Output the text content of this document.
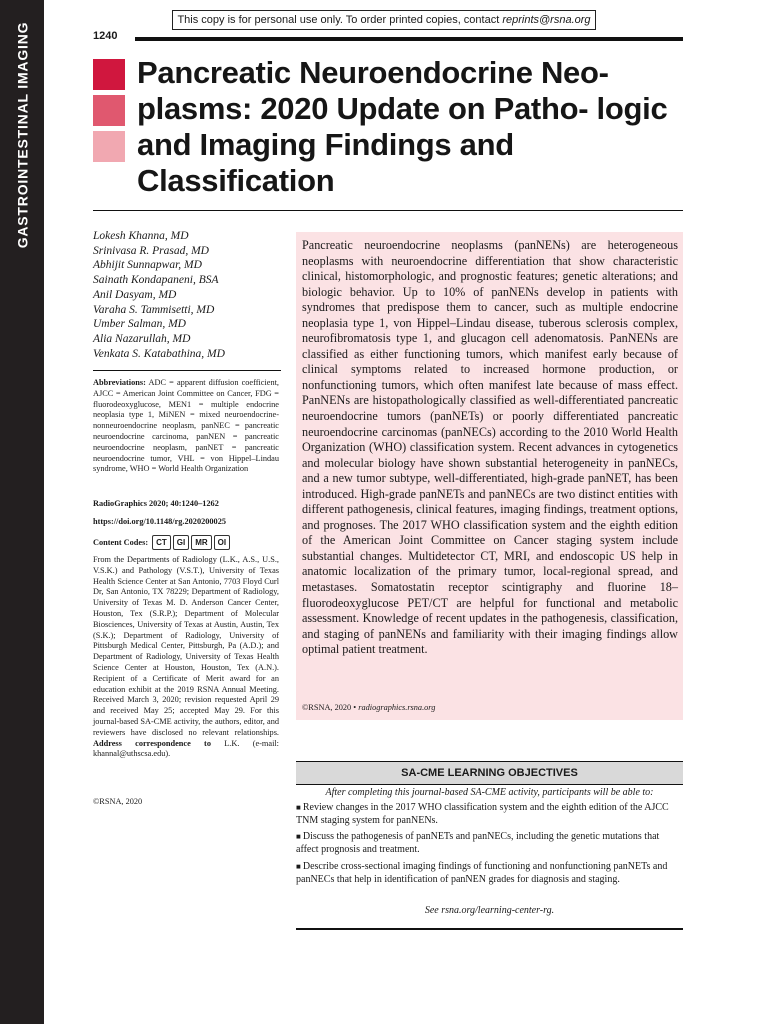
GASTROINTESTINAL IMAGING
This copy is for personal use only. To order printed copies, contact reprints@rsna.org
1240
Pancreatic Neuroendocrine Neo- plasms: 2020 Update on Patho- logic and Imaging Findings and Classification
Lokesh Khanna, MD
Srinivasa R. Prasad, MD
Abhijit Sunnapwar, MD
Sainath Kondapaneni, BSA
Anil Dasyam, MD
Varaha S. Tammisetti, MD
Umber Salman, MD
Alia Nazarullah, MD
Venkata S. Katabathina, MD
Abbreviations: ADC = apparent diffusion coefficient, AJCC = American Joint Committee on Cancer, FDG = fluorodeoxyglucose, MEN1 = multiple endocrine neoplasia type 1, MiNEN = mixed neuroendocrine-nonneuroendocrine neoplasm, panNEC = pancreatic neuroendocrine carcinoma, panNEN = pancreatic neuroendocrine neoplasm, panNET = pancreatic neuroendocrine tumor, VHL = von Hippel–Lindau syndrome, WHO = World Health Organization
RadioGraphics 2020; 40:1240–1262
https://doi.org/10.1148/rg.2020200025
Content Codes:	CT	GI	MR	OI
From the Departments of Radiology (L.K., A.S., U.S., V.S.K.) and Pathology (V.S.T.), University of Texas Health Science Center at San Antonio, 7703 Floyd Curl Dr, San Antonio, TX 78229; Department of Radiology, University of Texas M. D. Anderson Cancer Center, Houston, Tex (S.R.P.); Department of Molecular Biosciences, University of Texas at Austin, Austin, Tex (S.K.); Department of Radiology, University of Pittsburgh Medical Center, Pittsburgh, Pa (A.D.); and Department of Radiology, University of Texas Health Science Center at Houston, Houston, Tex (A.N.). Recipient of a Certificate of Merit award for an education exhibit at the 2019 RSNA Annual Meeting. Received March 3, 2020; revision requested April 29 and received May 25; accepted May 29. For this journal-based SA-CME activity, the authors, editor, and reviewers have disclosed no relevant relationships. Address correspondence to L.K. (e-mail: khannal@uthscsa.edu).
©RSNA, 2020
Pancreatic neuroendocrine neoplasms (panNENs) are heterogeneous neoplasms with neuroendocrine differentiation that show characteristic clinical, histomorphologic, and prognostic features; genetic alterations; and biologic behavior. Up to 10% of panNENs develop in patients with syndromes that predispose them to cancer, such as multiple endocrine neoplasia type 1, von Hippel–Lindau disease, tuberous sclerosis complex, neurofibromatosis type 1, and glucagon cell adenomatosis. PanNENs are classified as either functioning tumors, which manifest early because of clinical symptoms related to increased hormone production, or nonfunctioning tumors, which often manifest late because of mass effect. PanNENs are histopathologically classified as well-differentiated pancreatic neuroendocrine tumors (panNETs) or poorly differentiated pancreatic neuroendocrine carcinomas (panNECs) according to the 2010 World Health Organization (WHO) classification system. Recent advances in cytogenetics and molecular biology have shown substantial heterogeneity in panNECs, and a new tumor subtype, well-differentiated, high-grade panNET, has been introduced. High-grade panNETs and panNECs are two distinct entities with different pathogenesis, clinical features, imaging findings, treatment options, and prognoses. The 2017 WHO classification system and the eighth edition of the American Joint Committee on Cancer staging system include substantial changes. Multidetector CT, MRI, and endoscopic US help in anatomic localization of the primary tumor, local-regional spread, and metastases. Somatostatin receptor scintigraphy and fluorine 18–fluorodeoxyglucose PET/CT are helpful for functional and metabolic assessment. Knowledge of recent updates in the pathogenesis, classification, and staging of panNENs and familiarity with their imaging findings allow optimal patient treatment.
©RSNA, 2020 • radiographics.rsna.org
SA-CME LEARNING OBJECTIVES
After completing this journal-based SA-CME activity, participants will be able to:
■ Review changes in the 2017 WHO classification system and the eighth edition of the AJCC TNM staging system for panNENs.
■ Discuss the pathogenesis of panNETs and panNECs, including the genetic mutations that affect prognosis and treatment.
■ Describe cross-sectional imaging findings of functioning and nonfunctioning panNETs and panNECs that help in identification of panNEN grades for diagnosis and staging.
See rsna.org/learning-center-rg.
